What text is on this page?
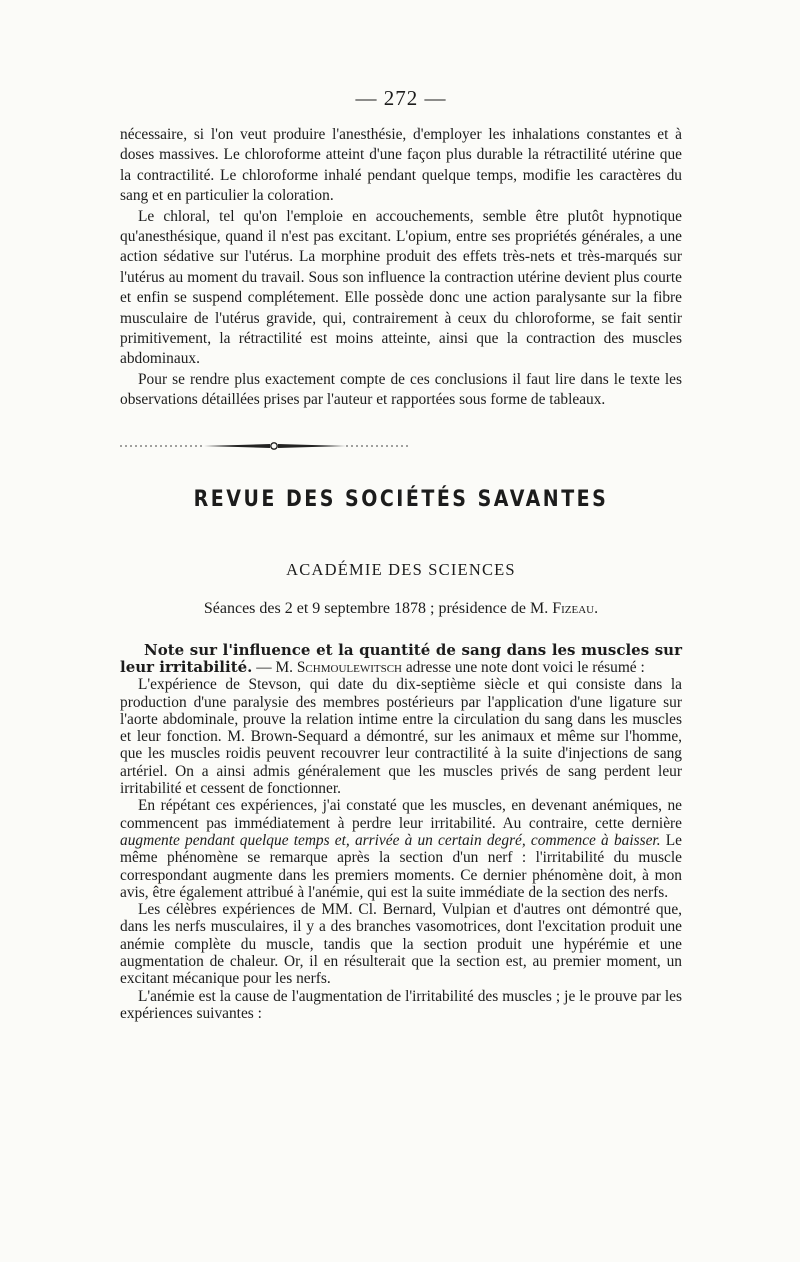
— 272 —

nécessaire, si l'on veut produire l'anesthésie, d'employer les inhalations constantes et à doses massives. Le chloroforme atteint d'une façon plus durable la rétractilité utérine que la contractilité. Le chloroforme inhalé pendant quelque temps, modifie les caractères du sang et en particulier la coloration.

Le chloral, tel qu'on l'emploie en accouchements, semble être plutôt hypnotique qu'anesthésique, quand il n'est pas excitant. L'opium, entre ses propriétés générales, a une action sédative sur l'utérus. La morphine produit des effets très-nets et très-marqués sur l'utérus au moment du travail. Sous son influence la contraction utérine devient plus courte et enfin se suspend complétement. Elle possède donc une action paralysante sur la fibre musculaire de l'utérus gravide, qui, contrairement à ceux du chloroforme, se fait sentir primitivement, la rétractilité est moins atteinte, ainsi que la contraction des muscles abdominaux.

Pour se rendre plus exactement compte de ces conclusions il faut lire dans le texte les observations détaillées prises par l'auteur et rapportées sous forme de tableaux.

REVUE DES SOCIÉTÉS SAVANTES
ACADÉMIE DES SCIENCES
Séances des 2 et 9 septembre 1878 ; présidence de M. Fizeau.

Note sur l'influence et la quantité de sang dans les muscles sur leur irritabilité. — M. Schmoulewitsch adresse une note dont voici le résumé :

L'expérience de Stevson, qui date du dix-septième siècle et qui consiste dans la production d'une paralysie des membres postérieurs par l'application d'une ligature sur l'aorte abdominale, prouve la relation intime entre la circulation du sang dans les muscles et leur fonction. M. Brown-Sequard a démontré, sur les animaux et même sur l'homme, que les muscles roidis peuvent recouvrer leur contractilité à la suite d'injections de sang artériel. On a ainsi admis généralement que les muscles privés de sang perdent leur irritabilité et cessent de fonctionner.

En répétant ces expériences, j'ai constaté que les muscles, en devenant anémiques, ne commencent pas immédiatement à perdre leur irritabilité. Au contraire, cette dernière augmente pendant quelque temps et, arrivée à un certain degré, commence à baisser. Le même phénomène se remarque après la section d'un nerf : l'irritabilité du muscle correspondant augmente dans les premiers moments. Ce dernier phénomène doit, à mon avis, être également attribué à l'anémie, qui est la suite immédiate de la section des nerfs.

Les célèbres expériences de MM. Cl. Bernard, Vulpian et d'autres ont démontré que, dans les nerfs musculaires, il y a des branches vasomotrices, dont l'excitation produit une anémie complète du muscle, tandis que la section produit une hypérémie et une augmentation de chaleur. Or, il en résulterait que la section est, au premier moment, un excitant mécanique pour les nerfs.

L'anémie est la cause de l'augmentation de l'irritabilité des muscles ; je le prouve par les expériences suivantes :
